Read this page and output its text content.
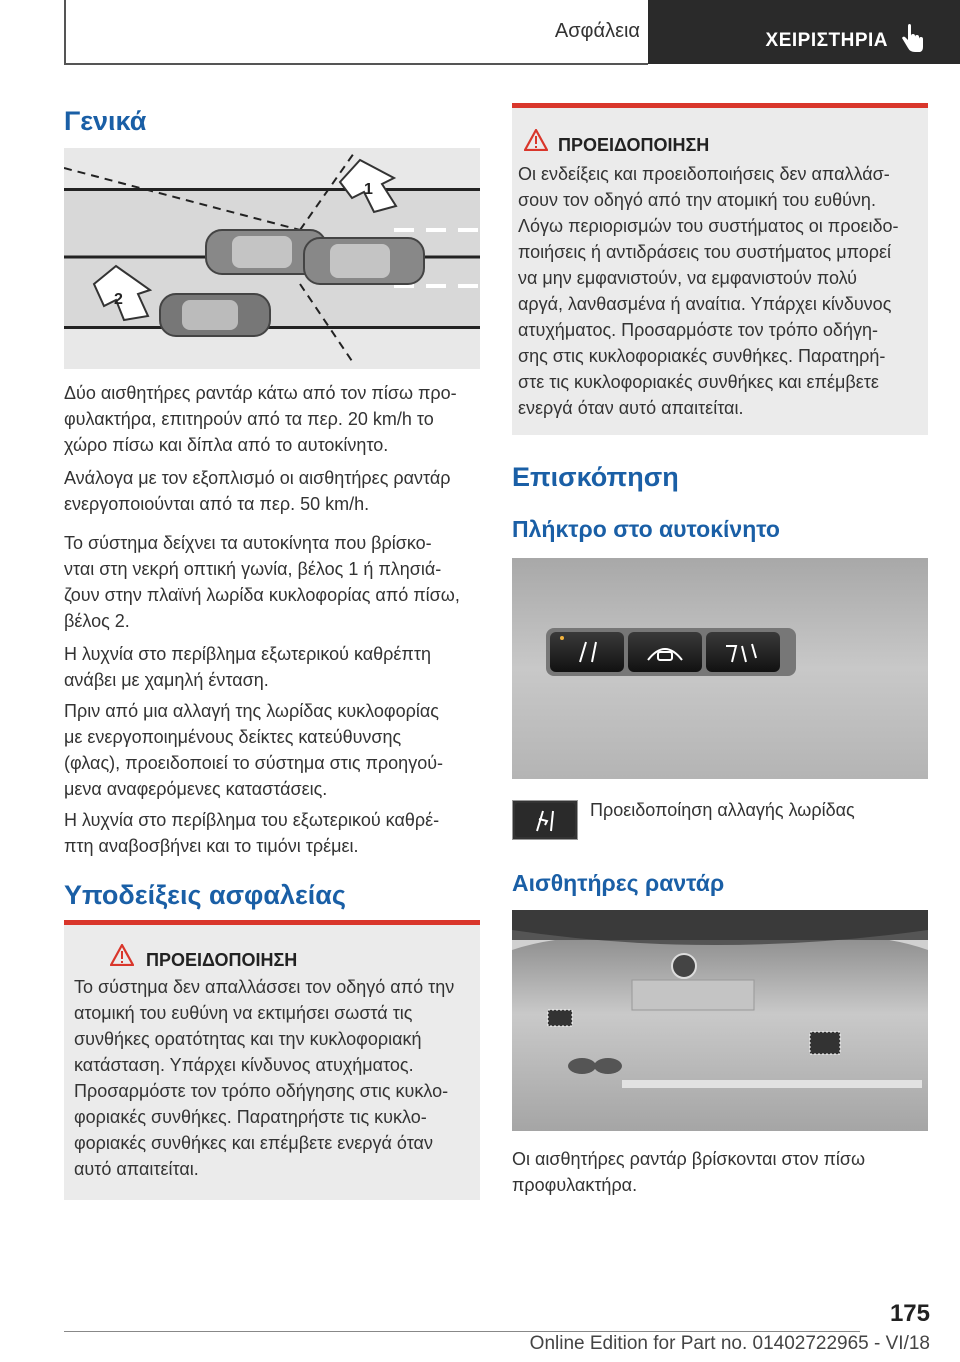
Ασφάλεια	ΧΕΙΡΙΣΤΗΡΙΑ
Γενικά
1
2

Δύο αισθητήρες ραντάρ κάτω από τον πίσω προ-
φυλακτήρα, επιτηρούν από τα περ. 20 km/h το
χώρο πίσω και δίπλα από το αυτοκίνητο.

Ανάλογα με τον εξοπλισμό οι αισθητήρες ραντάρ
ενεργοποιούνται από τα περ. 50 km/h.

Το σύστημα δείχνει τα αυτοκίνητα που βρίσκο-
νται στη νεκρή οπτική γωνία, βέλος 1 ή πλησιά-
ζουν στην πλαϊνή λωρίδα κυκλοφορίας από πίσω,
βέλος 2.

Η λυχνία στο περίβλημα εξωτερικού καθρέπτη
ανάβει με χαμηλή ένταση.

Πριν από μια αλλαγή της λωρίδας κυκλοφορίας
με ενεργοποιημένους δείκτες κατεύθυνσης
(φλας), προειδοποιεί το σύστημα στις προηγού-
μενα αναφερόμενες καταστάσεις.

Η λυχνία στο περίβλημα του εξωτερικού καθρέ-
πτη αναβοσβήνει και το τιμόνι τρέμει.

Υποδείξεις ασφαλείας
ΠΡΟΕΙΔΟΠΟΙΗΣΗ

Το σύστημα δεν απαλλάσσει τον οδηγό από την
ατομική του ευθύνη να εκτιμήσει σωστά τις
συνθήκες ορατότητας και την κυκλοφοριακή
κατάσταση. Υπάρχει κίνδυνος ατυχήματος.
Προσαρμόστε τον τρόπο οδήγησης στις κυκλο-
φοριακές συνθήκες. Παρατηρήστε τις κυκλο-
φοριακές συνθήκες και επέμβετε ενεργά όταν
αυτό απαιτείται.

ΠΡΟΕΙΔΟΠΟΙΗΣΗ

Οι ενδείξεις και προειδοποιήσεις δεν απαλλάσ-
σουν τον οδηγό από την ατομική του ευθύνη.
Λόγω περιορισμών του συστήματος οι προειδο-
ποιήσεις ή αντιδράσεις του συστήματος μπορεί
να μην εμφανιστούν, να εμφανιστούν πολύ
αργά, λανθασμένα ή αναίτια. Υπάρχει κίνδυνος
ατυχήματος. Προσαρμόστε τον τρόπο οδήγη-
σης στις κυκλοφοριακές συνθήκες. Παρατηρή-
στε τις κυκλοφοριακές συνθήκες και επέμβετε
ενεργά όταν αυτό απαιτείται.

Επισκόπηση
Πλήκτρο στο αυτοκίνητο
Προειδοποίηση αλλαγής λωρίδας
Αισθητήρες ραντάρ

Οι αισθητήρες ραντάρ βρίσκονται στον πίσω
προφυλακτήρα.

175
Online Edition for Part no. 01402722965 - VI/18
